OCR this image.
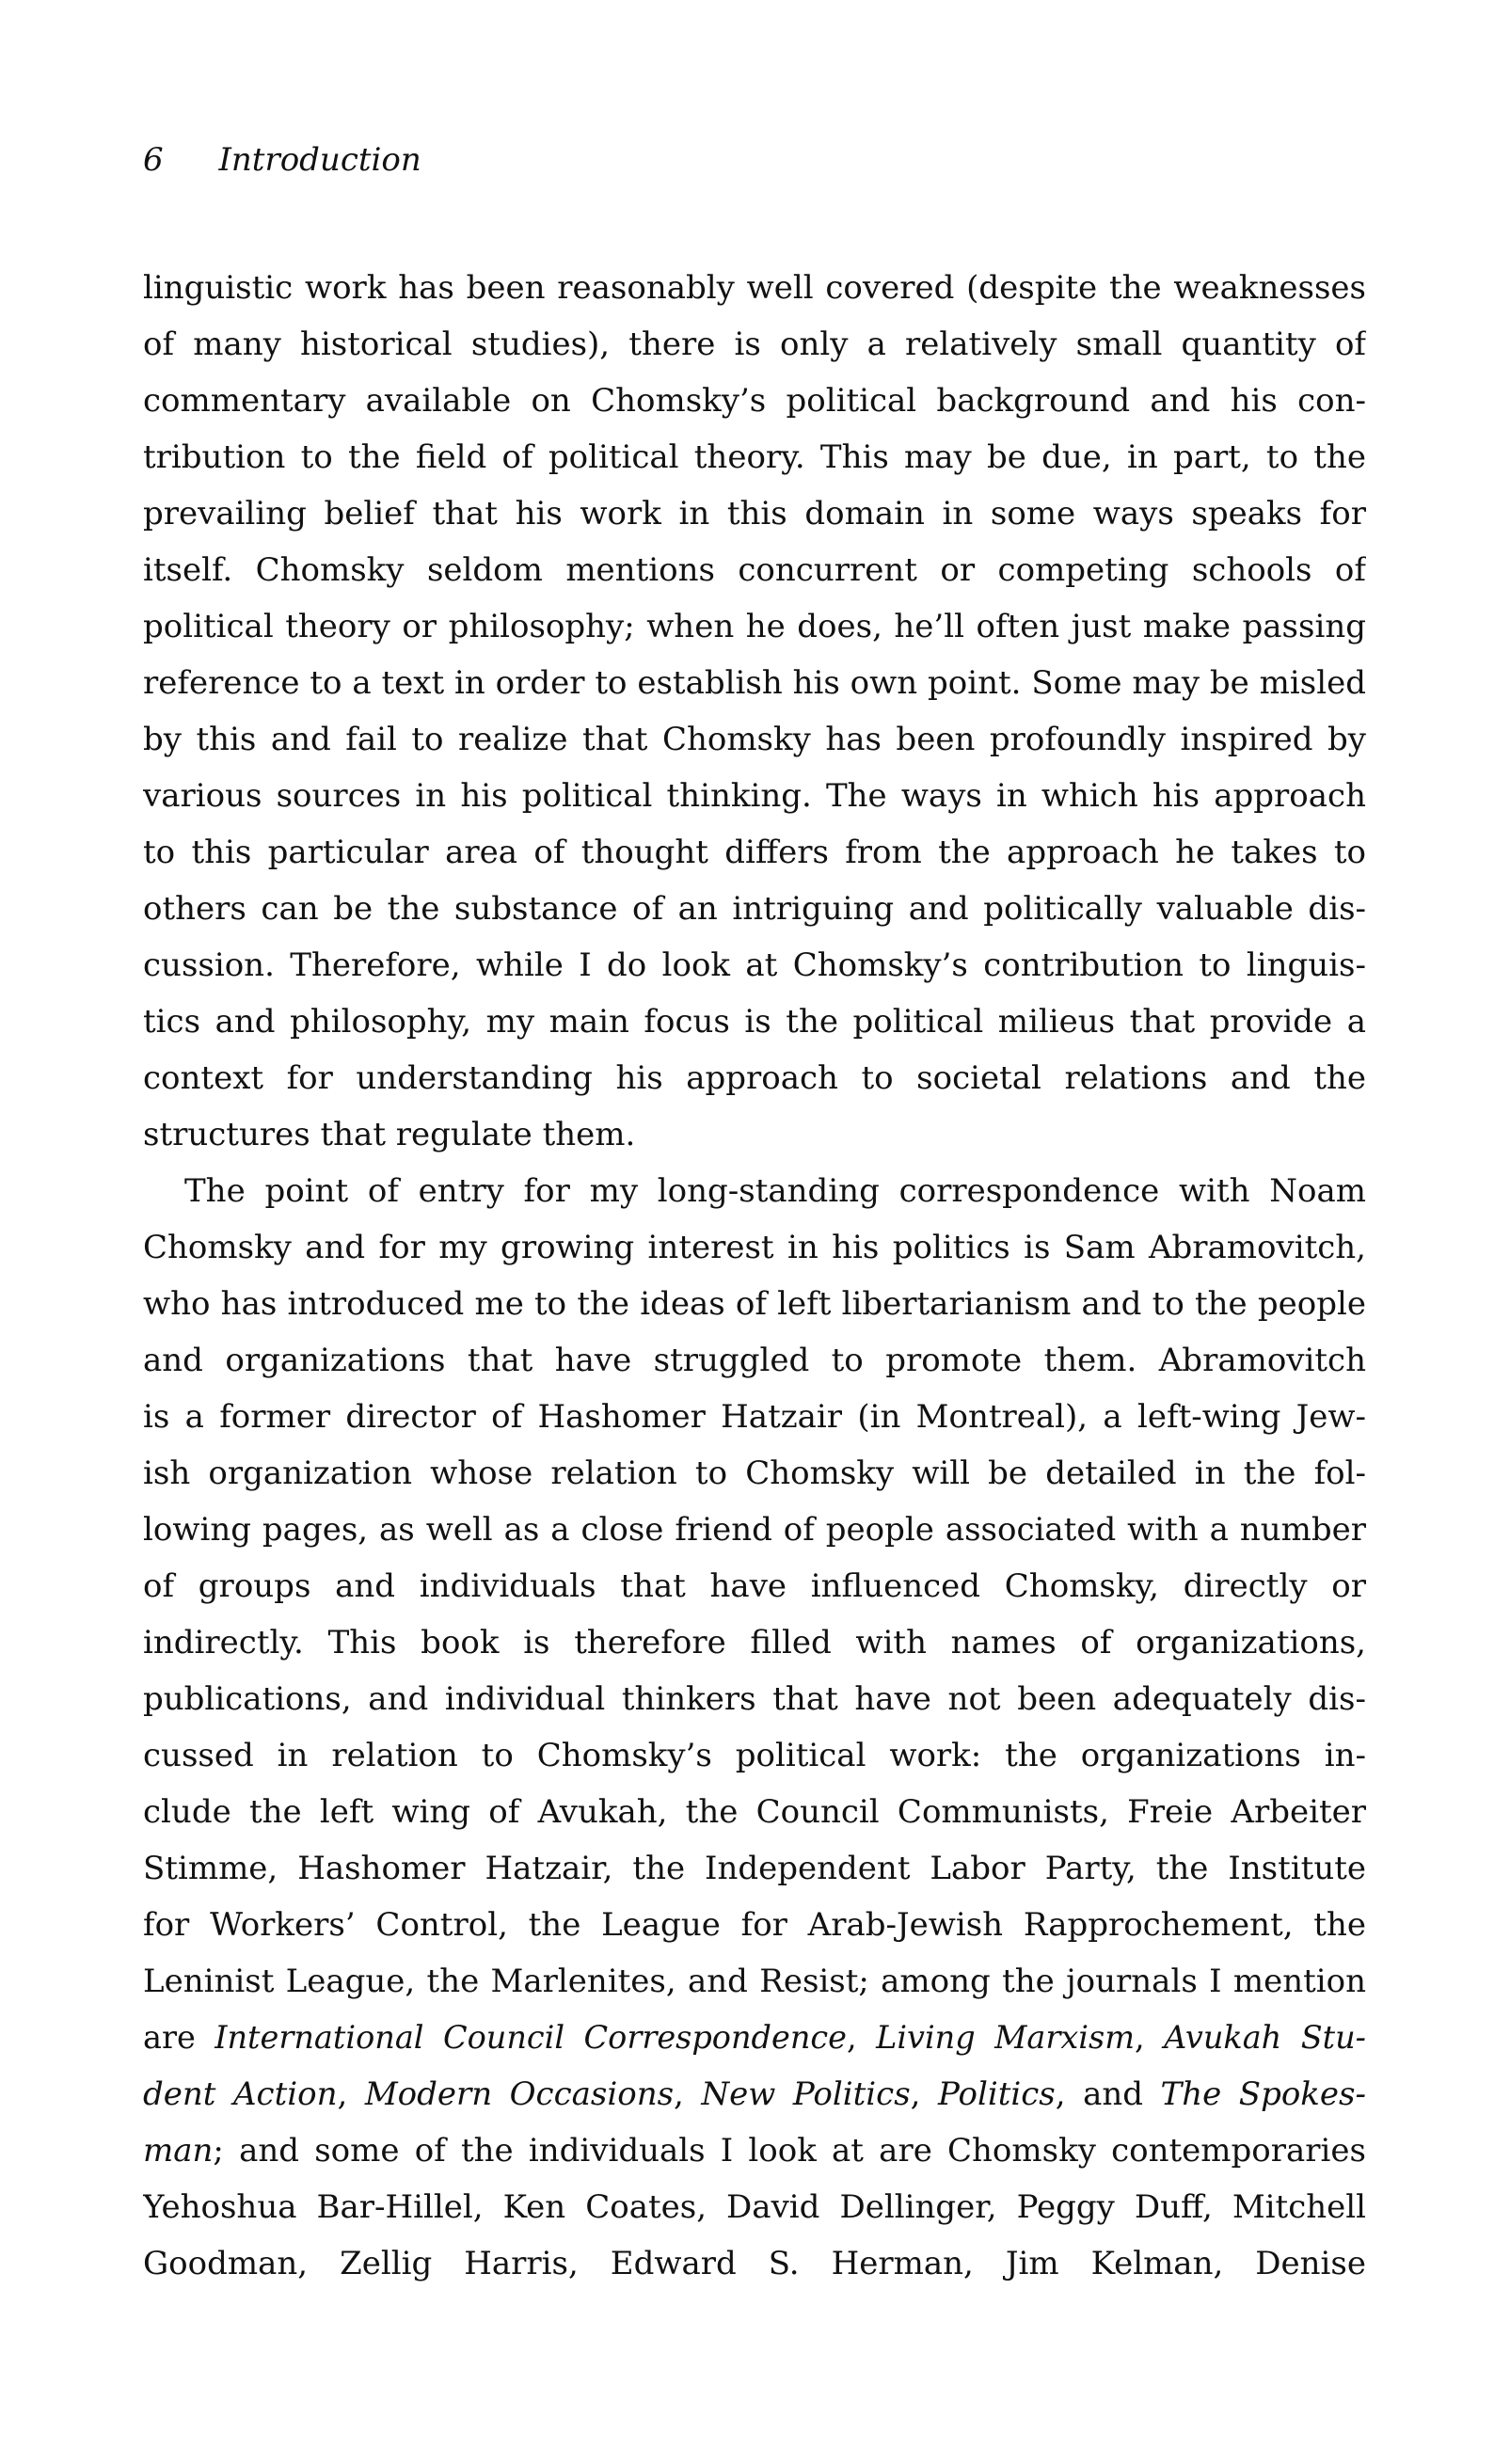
6 Introduction
linguistic work has been reasonably well covered (despite the weaknesses
of many historical studies), there is only a relatively small quantity of
commentary available on Chomsky’s political background and his con-
tribution to the field of political theory. This may be due, in part, to the
prevailing belief that his work in this domain in some ways speaks for
itself. Chomsky seldom mentions concurrent or competing schools of
political theory or philosophy; when he does, he’ll often just make passing
reference to a text in order to establish his own point. Some may be misled
by this and fail to realize that Chomsky has been profoundly inspired by
various sources in his political thinking. The ways in which his approach
to this particular area of thought differs from the approach he takes to
others can be the substance of an intriguing and politically valuable dis-
cussion. Therefore, while I do look at Chomsky’s contribution to linguis-
tics and philosophy, my main focus is the political milieus that provide a
context for understanding his approach to societal relations and the
structures that regulate them.
The point of entry for my long-standing correspondence with Noam
Chomsky and for my growing interest in his politics is Sam Abramovitch,
who has introduced me to the ideas of left libertarianism and to the people
and organizations that have struggled to promote them. Abramovitch
is a former director of Hashomer Hatzair (in Montreal), a left-wing Jew-
ish organization whose relation to Chomsky will be detailed in the fol-
lowing pages, as well as a close friend of people associated with a number
of groups and individuals that have influenced Chomsky, directly or
indirectly. This book is therefore filled with names of organizations,
publications, and individual thinkers that have not been adequately dis-
cussed in relation to Chomsky’s political work: the organizations in-
clude the left wing of Avukah, the Council Communists, Freie Arbeiter
Stimme, Hashomer Hatzair, the Independent Labor Party, the Institute
for Workers’ Control, the League for Arab-Jewish Rapprochement, the
Leninist League, the Marlenites, and Resist; among the journals I mention
are International Council Correspondence, Living Marxism, Avukah Stu-
dent Action, Modern Occasions, New Politics, Politics, and The Spokes-
man; and some of the individuals I look at are Chomsky contemporaries
Yehoshua Bar-Hillel, Ken Coates, David Dellinger, Peggy Duff, Mitchell
Goodman, Zellig Harris, Edward S. Herman, Jim Kelman, Denise
